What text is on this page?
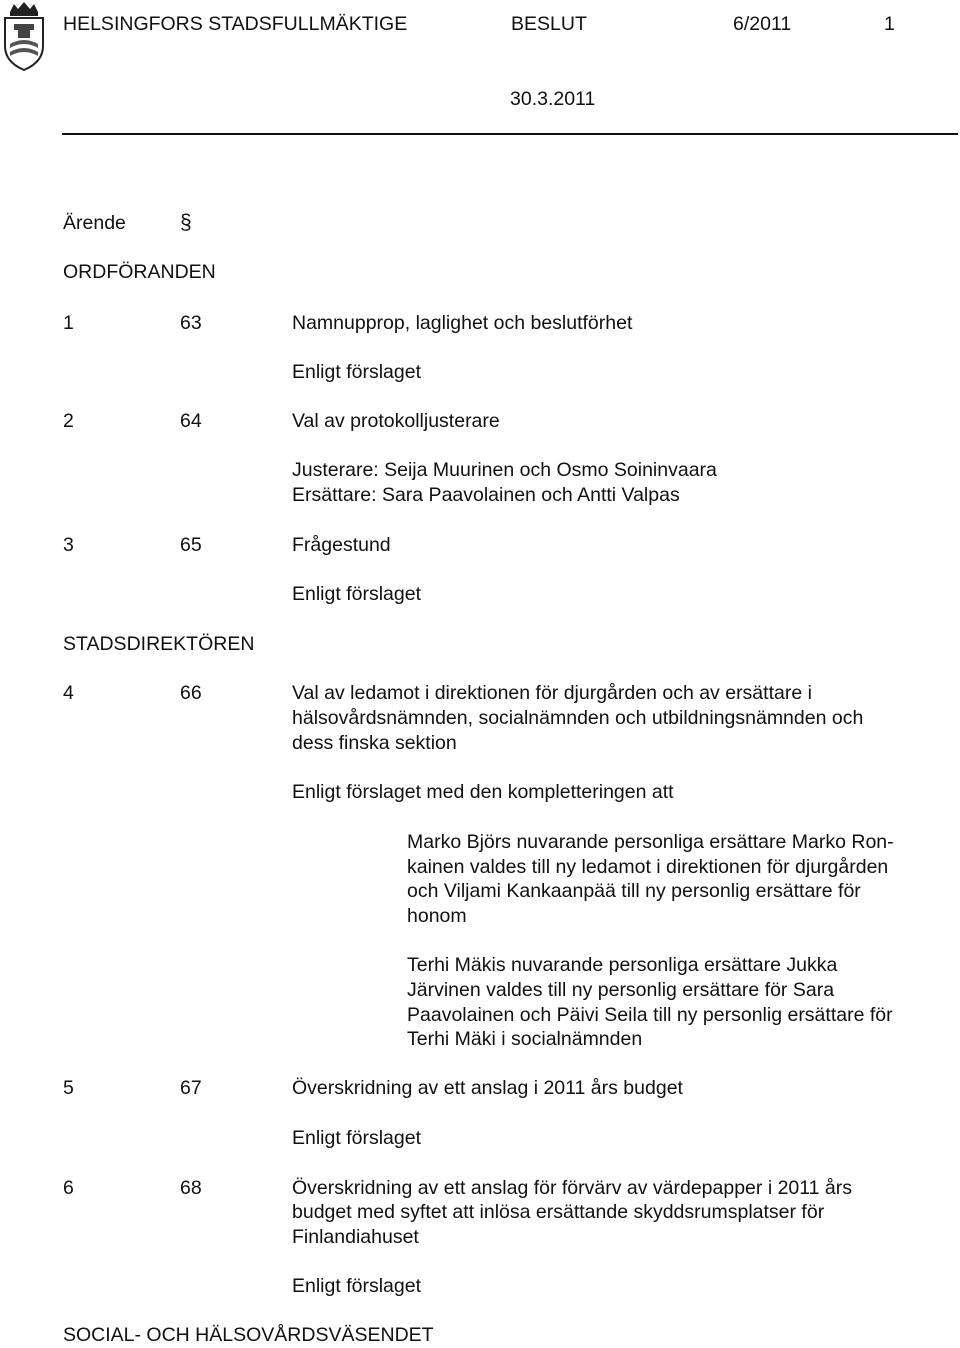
HELSINGFORS STADSFULLMÄKTIGE	BESLUT	6/2011	1
30.3.2011
Ärende	§
ORDFÖRANDEN
1	63	Namnupprop, laglighet och beslutförhet
Enligt förslaget
2	64	Val av protokolljusterare
Justerare: Seija Muurinen och Osmo Soininvaara
Ersättare: Sara Paavolainen och Antti Valpas
3	65	Frågestund
Enligt förslaget
STADSDIREKTÖREN
4	66	Val av ledamot i direktionen för djurgården och av ersättare i
hälsovårdsnämnden, socialnämnden och utbildningsnämnden och
dess finska sektion
Enligt förslaget med den kompletteringen att
Marko Björs nuvarande personliga ersättare Marko Ron-
kainen valdes till ny ledamot i direktionen för djurgården
och Viljami Kankaanpää till ny personlig ersättare för
honom
Terhi Mäkis nuvarande personliga ersättare Jukka
Järvinen valdes till ny personlig ersättare för Sara
Paavolainen och Päivi Seila till ny personlig ersättare för
Terhi Mäki i socialnämnden
5	67	Överskridning av ett anslag i 2011 års budget
Enligt förslaget
6	68	Överskridning av ett anslag för förvärv av värdepapper i 2011 års
budget med syftet att inlösa ersättande skyddsrumsplatser för
Finlandiahuset
Enligt förslaget
SOCIAL- OCH HÄLSOVÅRDSVÄSENDET
